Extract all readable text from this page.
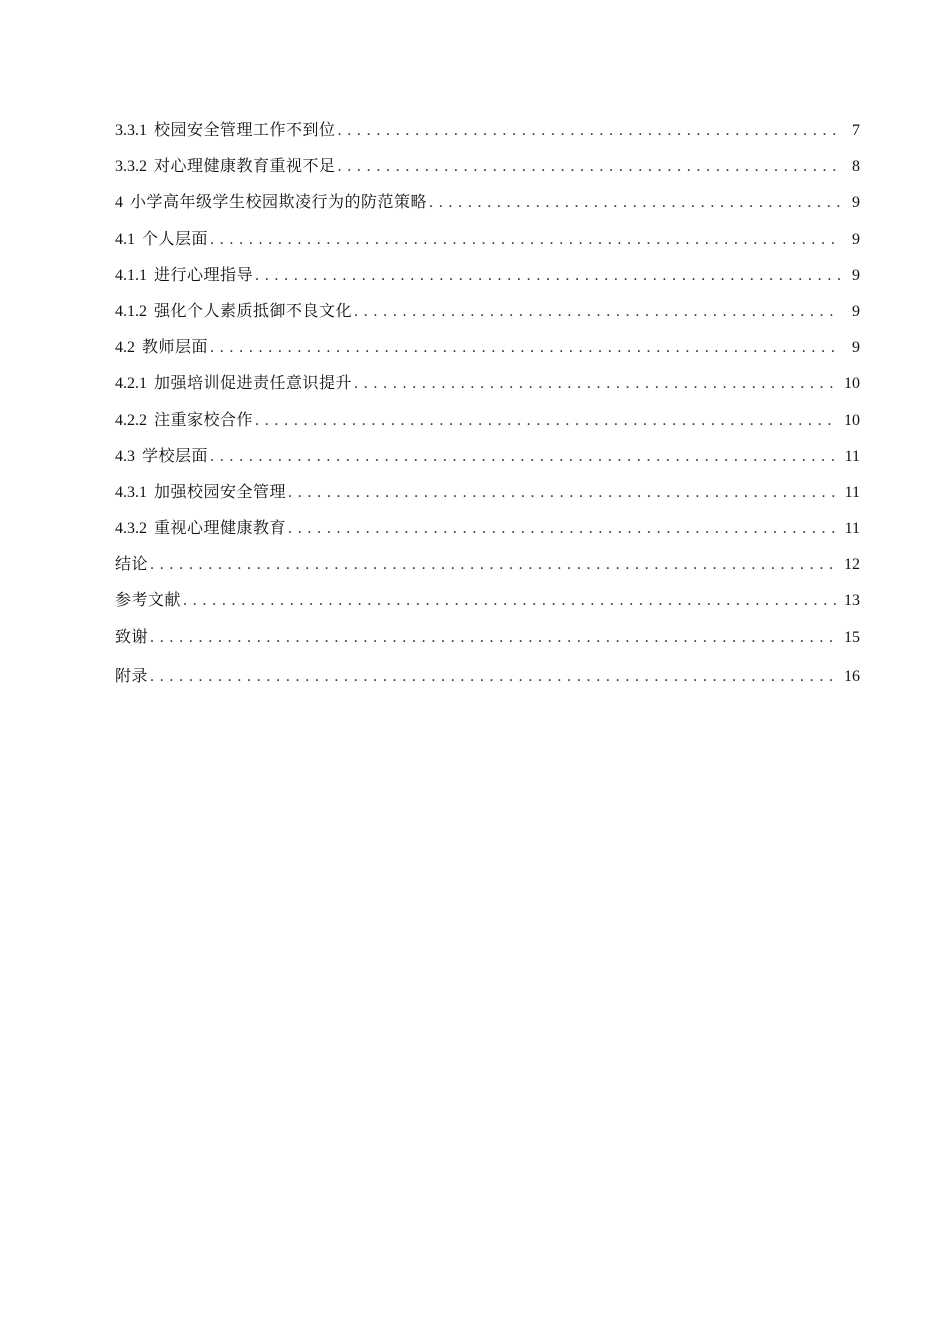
3.3.1 校园安全管理工作不到位 . . .	7
3.3.2 对心理健康教育重视不足 . . .	8
4 小学高年级学生校园欺凌行为的防范策略 . . .	9
4.1 个人层面 . . .	9
4.1.1 进行心理指导 . . .	9
4.1.2 强化个人素质抵御不良文化 . . .	9
4.2 教师层面 . . .	9
4.2.1 加强培训促进责任意识提升 . . .	10
4.2.2 注重家校合作 . . .	10
4.3 学校层面 . . .	11
4.3.1 加强校园安全管理 . . .	11
4.3.2 重视心理健康教育 . . .	11
结论 . . .	12
参考文献 . . .	13
致谢 . . .	15
附录 . . .	16
